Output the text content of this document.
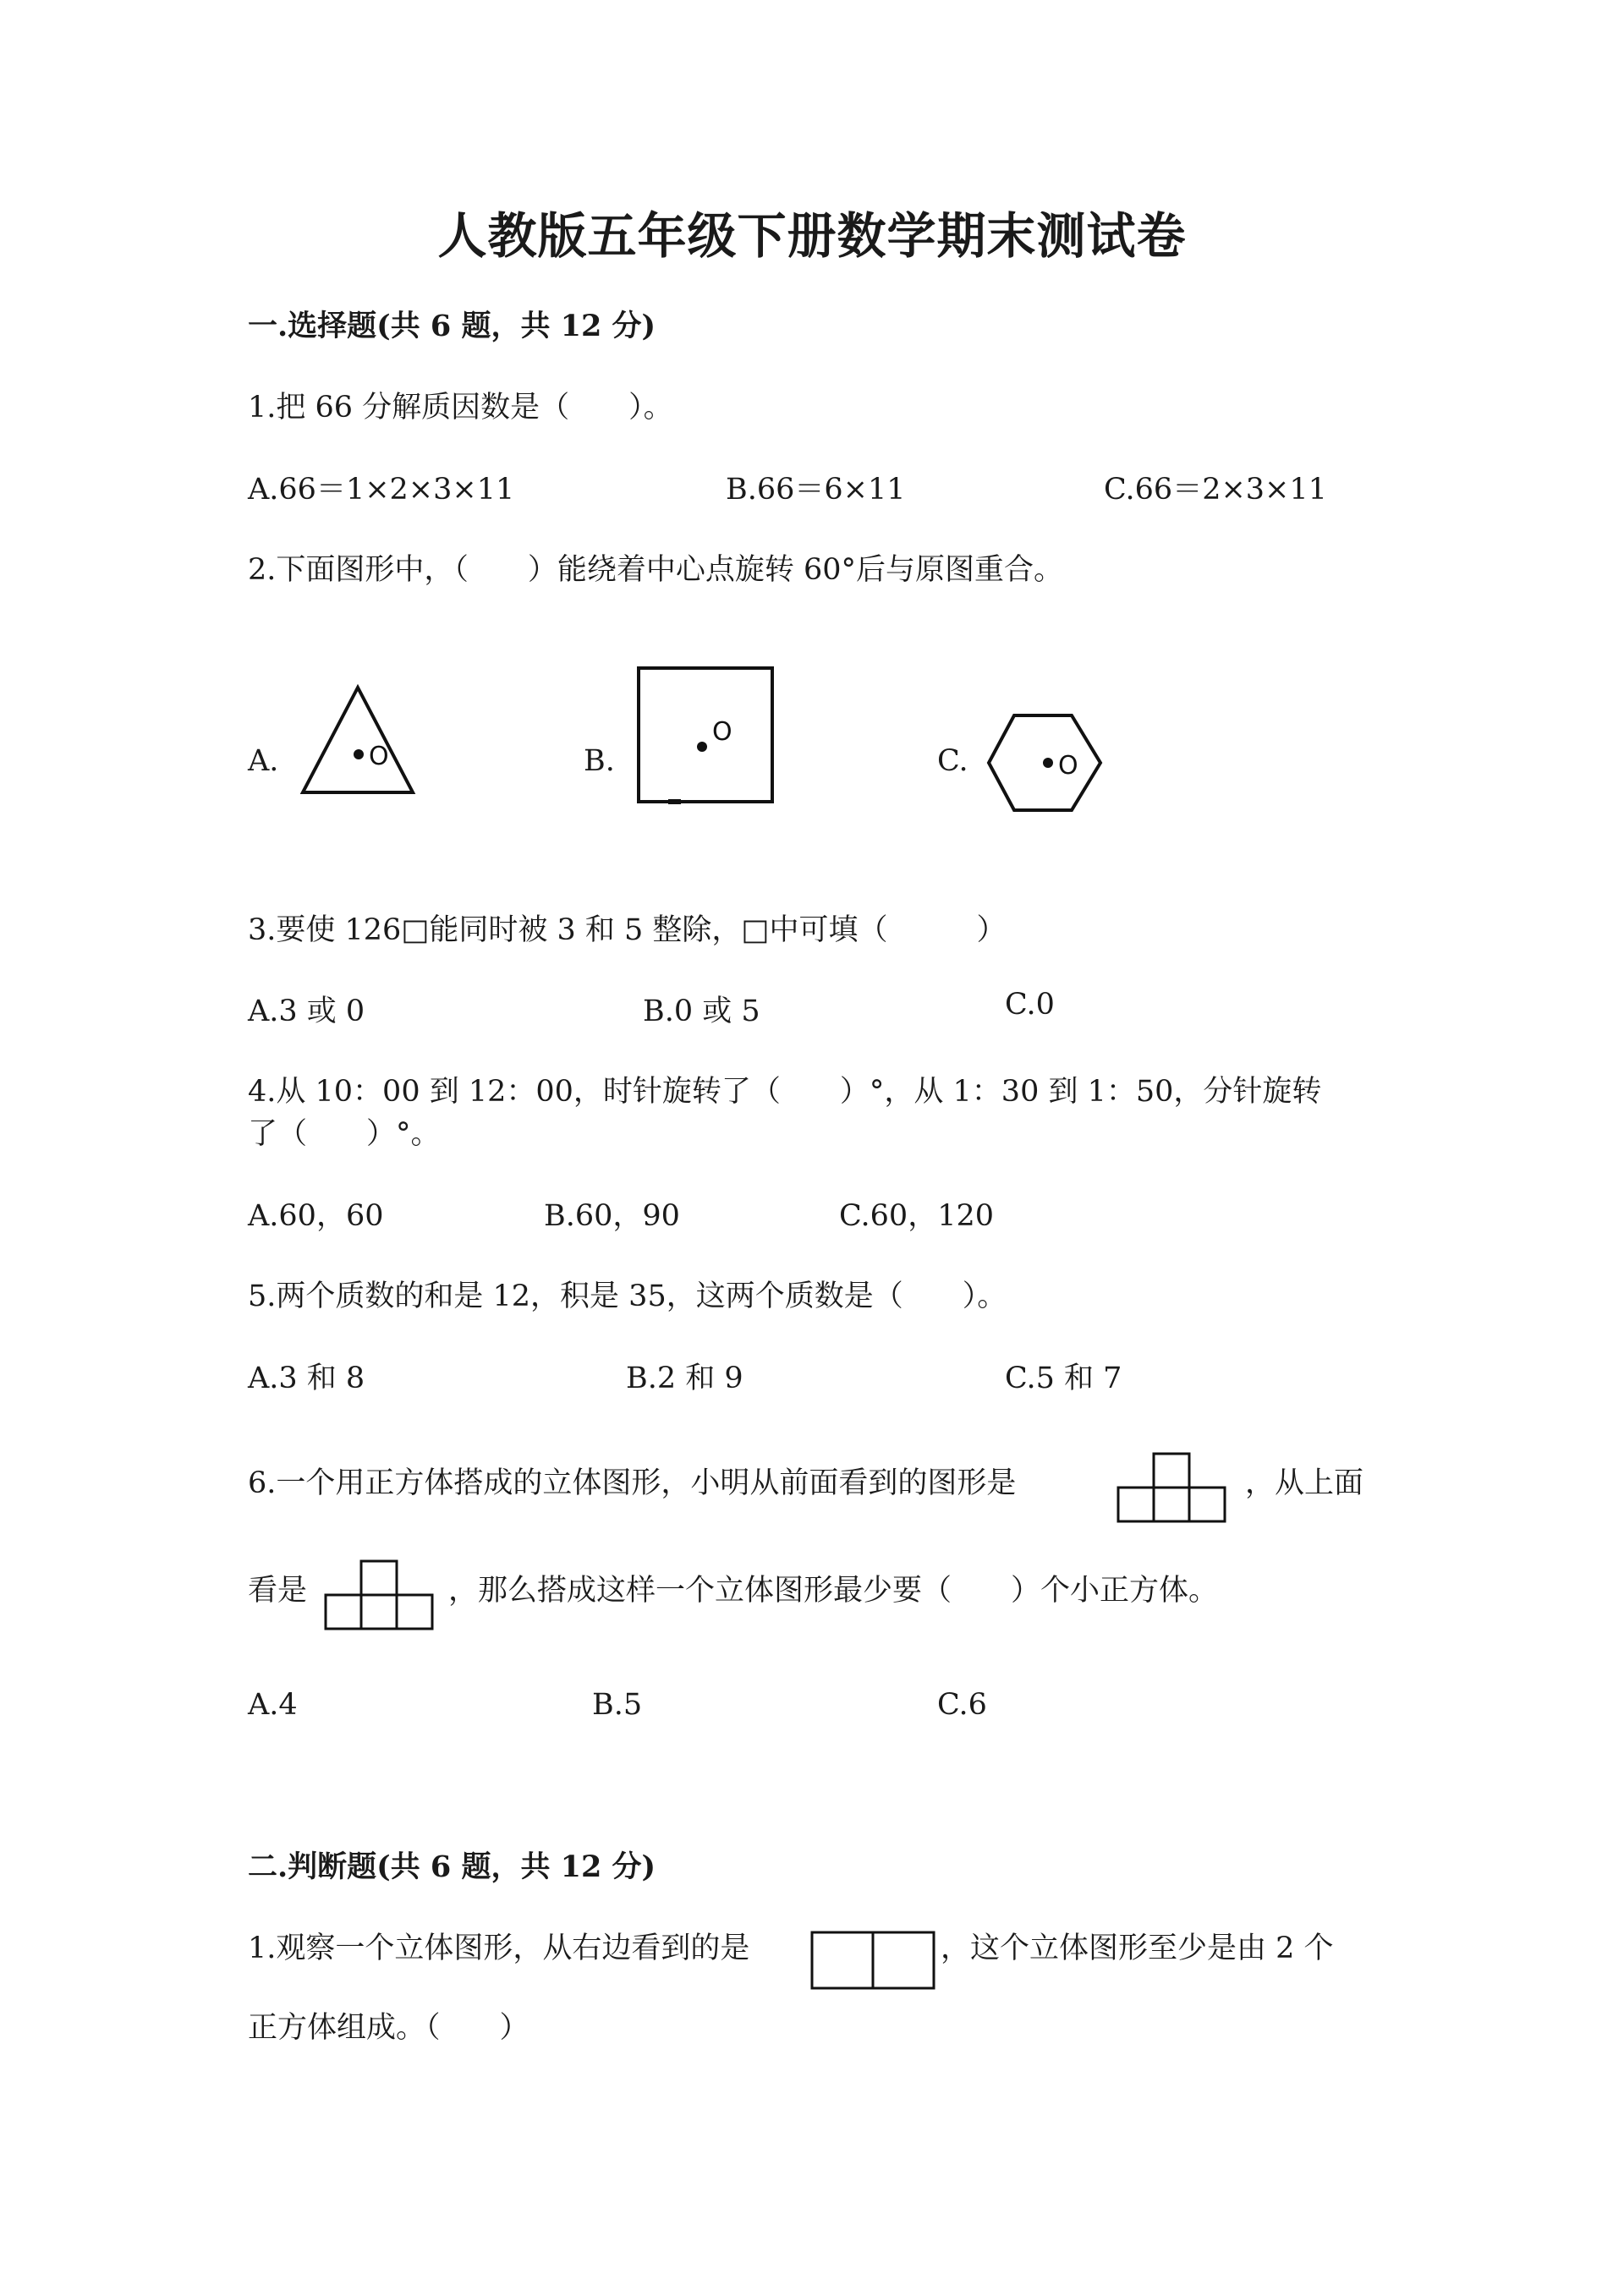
人教版五年级下册数学期末测试卷
一.选择题(共 6 题，共 12 分)
1.把 66 分解质因数是（　　）。
A.66＝1×2×3×11	B.66＝6×11	C.66＝2×3×11
2.下面图形中，（　　）能绕着中心点旋转 60°后与原图重合。
A.	B.	C.
O
O
O
3.要使 126□能同时被 3 和 5 整除，□中可填（　　　）
A.3 或 0	B.0 或 5	C.0
4.从 10：00 到 12：00，时针旋转了（　　）°，从 1：30 到 1：50，分针旋转
了（　　）°。
A.60，60	B.60，90	C.60，120
5.两个质数的和是 12，积是 35，这两个质数是（　　）。
A.3 和 8	B.2 和 9	C.5 和 7
6.一个用正方体搭成的立体图形，小明从前面看到的图形是	，从上面
看是	，那么搭成这样一个立体图形最少要（　　）个小正方体。
A.4	B.5	C.6
二.判断题(共 6 题，共 12 分)
1.观察一个立体图形，从右边看到的是	，这个立体图形至少是由 2 个
正方体组成。（　　）
